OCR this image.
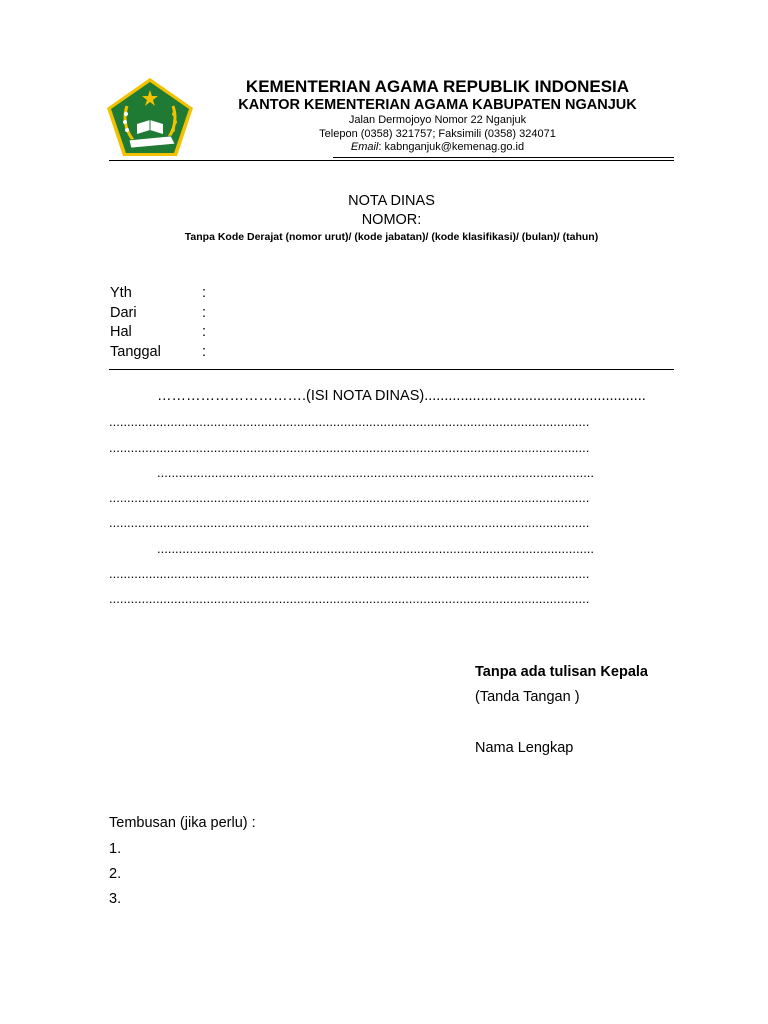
KEMENTERIAN AGAMA REPUBLIK INDONESIA
KANTOR KEMENTERIAN AGAMA KABUPATEN NGANJUK
Jalan Dermojoyo Nomor 22 Nganjuk
Telepon (0358) 321757; Faksimili (0358) 324071
Email: kabnganjuk@kemenag.go.id
NOTA DINAS
NOMOR:
Tanpa Kode Derajat (nomor urut)/ (kode jabatan)/ (kode klasifikasi)/ (bulan)/ (tahun)
Yth	:
Dari	:
Hal	:
Tanggal	:
………………………….(ISI NOTA DINAS).......................................................
.....................................................................................................................................
.....................................................................................................................................
.........................................................................................................................
.....................................................................................................................................
.....................................................................................................................................
.........................................................................................................................
.....................................................................................................................................
.....................................................................................................................................
Tanpa ada tulisan Kepala
(Tanda Tangan )
Nama Lengkap
Tembusan (jika perlu) :
1.
2.
3.
